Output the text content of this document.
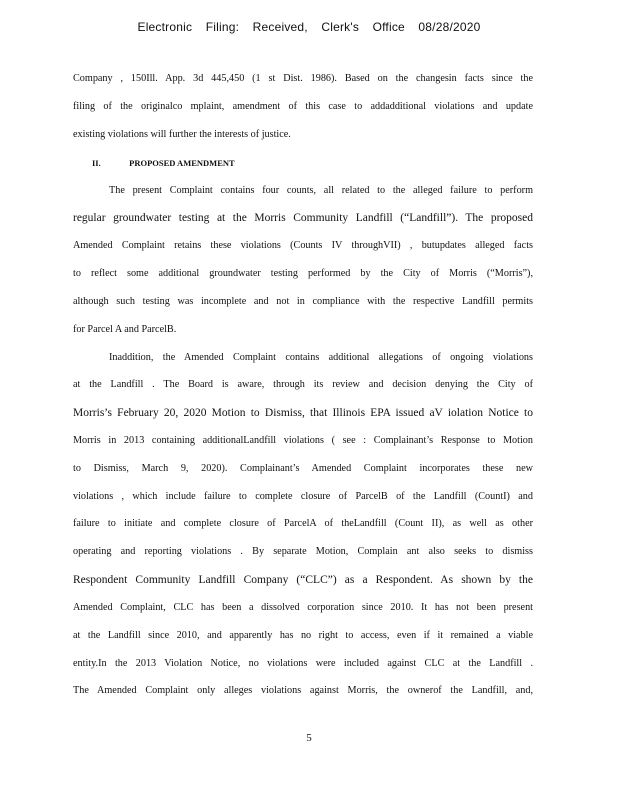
Electronic Filing: Received, Clerk's Office 08/28/2020
Company , 150Ill. App. 3d 445,450 (1 st Dist. 1986). Based on the changesin facts since the
filing of the originalco mplaint, amendment of this case to addadditional violations and update
existing violations will further the interests of justice.
II.	PROPOSED AMENDMENT
The present Complaint contains four counts, all related to the alleged failure to perform
regular groundwater testing at the Morris Community Landfill (“Landfill”). The proposed
Amended Complaint retains these violations (Counts IV throughVII) , butupdates alleged facts
to reflect some additional groundwater testing performed by the City of Morris (“Morris”),
although such testing was incomplete and not in compliance with the respective Landfill permits
for Parcel A and ParcelB.
Inaddition, the Amended Complaint contains additional allegations of ongoing violations
at the Landfill . The Board is aware, through its review and decision denying the City of
Morris’s February 20, 2020 Motion to Dismiss, that Illinois EPA issued aV iolation Notice to
Morris in 2013 containing additionalLandfill violations ( see : Complainant’s Response to Motion
to Dismiss, March 9, 2020). Complainant’s Amended Complaint incorporates these new
violations , which include failure to complete closure of ParcelB of the Landfill (CountI) and
failure to initiate and complete closure of ParcelA of theLandfill (Count II), as well as other
operating and reporting violations . By separate Motion, Complain ant also seeks to dismiss
Respondent Community Landfill Company (“CLC”) as a Respondent. As shown by the
Amended Complaint, CLC has been a dissolved corporation since 2010. It has not been present
at the Landfill since 2010, and apparently has no right to access, even if it remained a viable
entity.In the 2013 Violation Notice, no violations were included against CLC at the Landfill .
The Amended Complaint only alleges violations against Morris, the ownerof the Landfill, and,
5
